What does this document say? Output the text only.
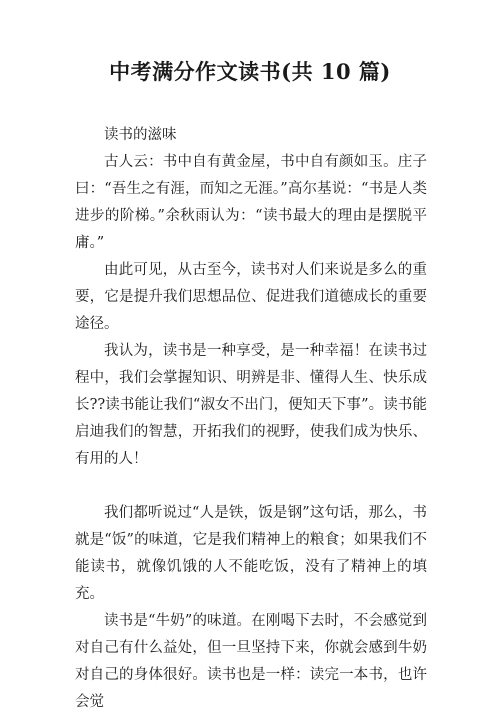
中考满分作文读书(共 10 篇)

读书的滋味

古人云：书中自有黄金屋，书中自有颜如玉。庄子曰：“吾生之有涯，而知之无涯。”高尔基说：“书是人类进步的阶梯。”余秋雨认为：“读书最大的理由是摆脱平庸。”

由此可见，从古至今，读书对人们来说是多么的重要，它是提升我们思想品位、促进我们道德成长的重要途径。

我认为，读书是一种享受，是一种幸福！在读书过程中，我们会掌握知识、明辨是非、懂得人生、快乐成长??读书能让我们“淑女不出门，便知天下事”。读书能启迪我们的智慧，开拓我们的视野，使我们成为快乐、有用的人！

我们都听说过“人是铁，饭是钢”这句话，那么，书就是“饭”的味道，它是我们精神上的粮食；如果我们不能读书，就像饥饿的人不能吃饭，没有了精神上的填充。

读书是“牛奶”的味道。在刚喝下去时，不会感觉到对自己有什么益处，但一旦坚持下来，你就会感到牛奶对自己的身体很好。读书也是一样：读完一本书，也许会觉
